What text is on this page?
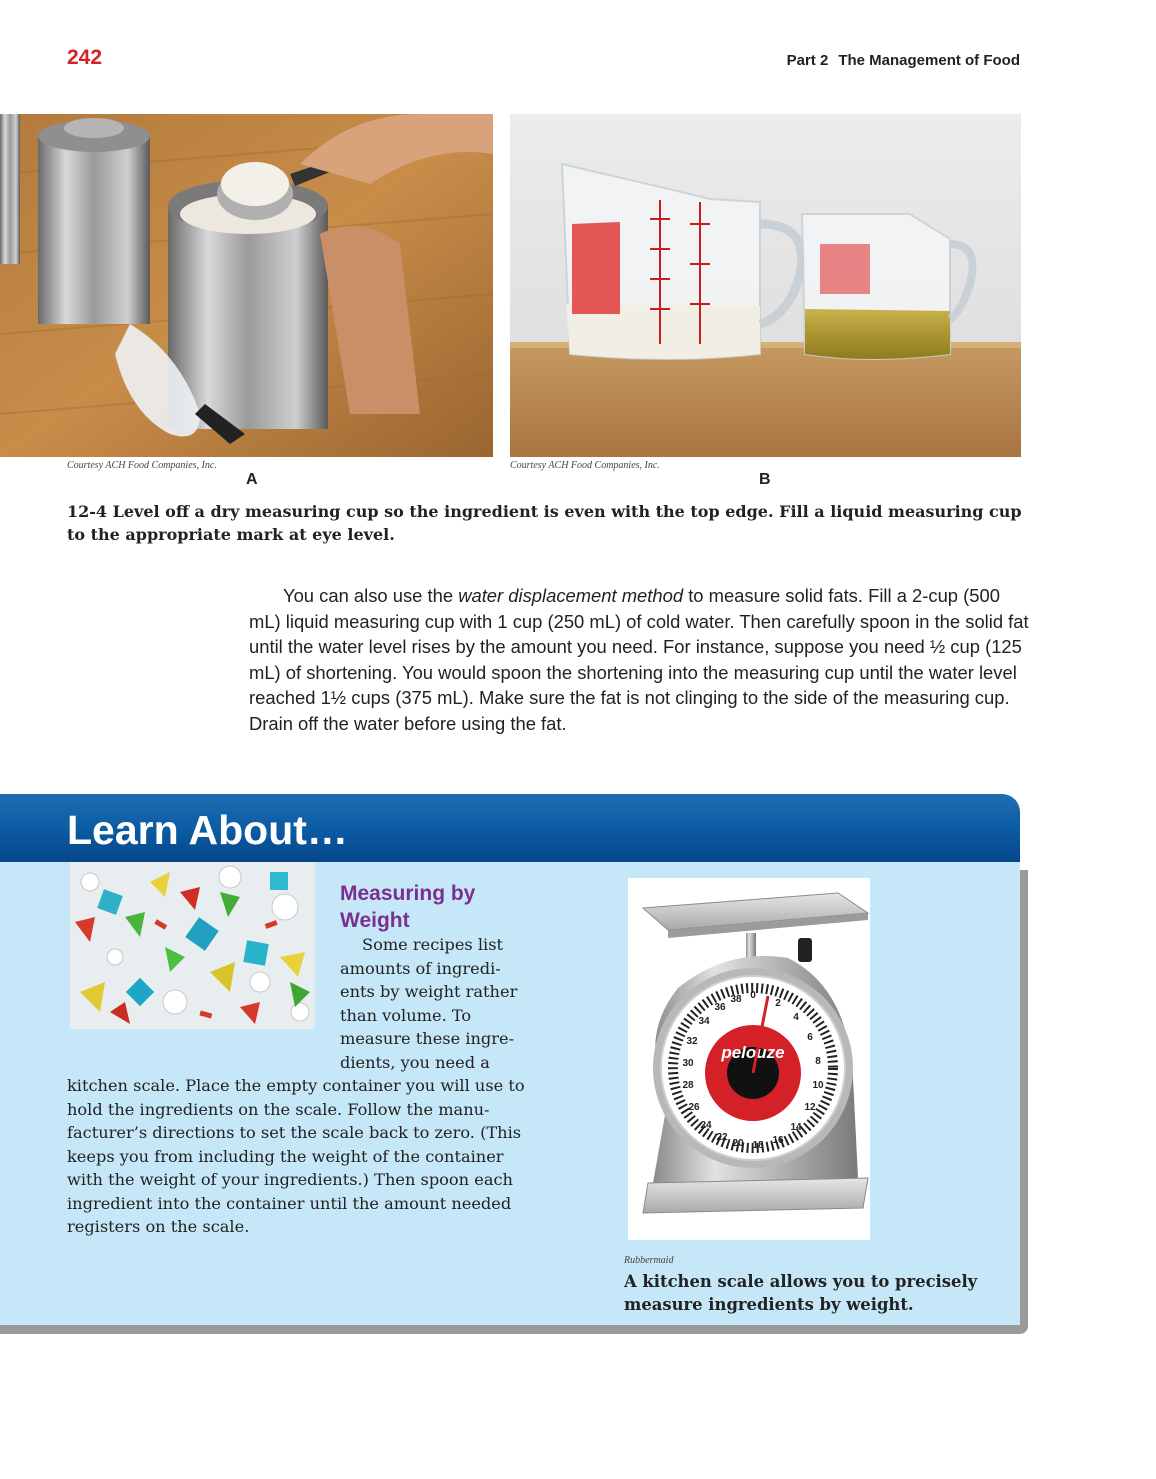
242	Part 2 The Management of Food
Courtesy ACH Food Companies, Inc.
A
Courtesy ACH Food Companies, Inc.
B

12-4 Level off a dry measuring cup so the ingredient is even with the top edge. Fill a liquid measuring cup to the appropriate mark at eye level.

You can also use the water displacement method to measure solid fats. Fill a 2-cup (500 mL) liquid measuring cup with 1 cup (250 mL) of cold water. Then carefully spoon in the solid fat until the water level rises by the amount you need. For instance, suppose you need ½ cup (125 mL) of shortening. You would spoon the shortening into the measuring cup until the water level reached 1½ cups (375 mL). Make sure the fat is not clinging to the side of the measuring cup. Drain off the water before using the fat.

Learn About…
Measuring by Weight

Some recipes list
amounts of ingredi-
ents by weight rather
than volume. To
measure these ingre-
dients, you need a

kitchen scale. Place the empty container you will use to hold the ingredients on the scale. Follow the manu-facturer’s directions to set the scale back to zero. (This keeps you from including the weight of the container with the weight of your ingredients.) Then spoon each ingredient into the container until the amount needed registers on the scale.

pelouze
0
2
4
6
8
10
12
14
16
18
20
22
24
26
28
30
32
34
36
38
Rubbermaid

A kitchen scale allows you to precisely measure ingredients by weight.
